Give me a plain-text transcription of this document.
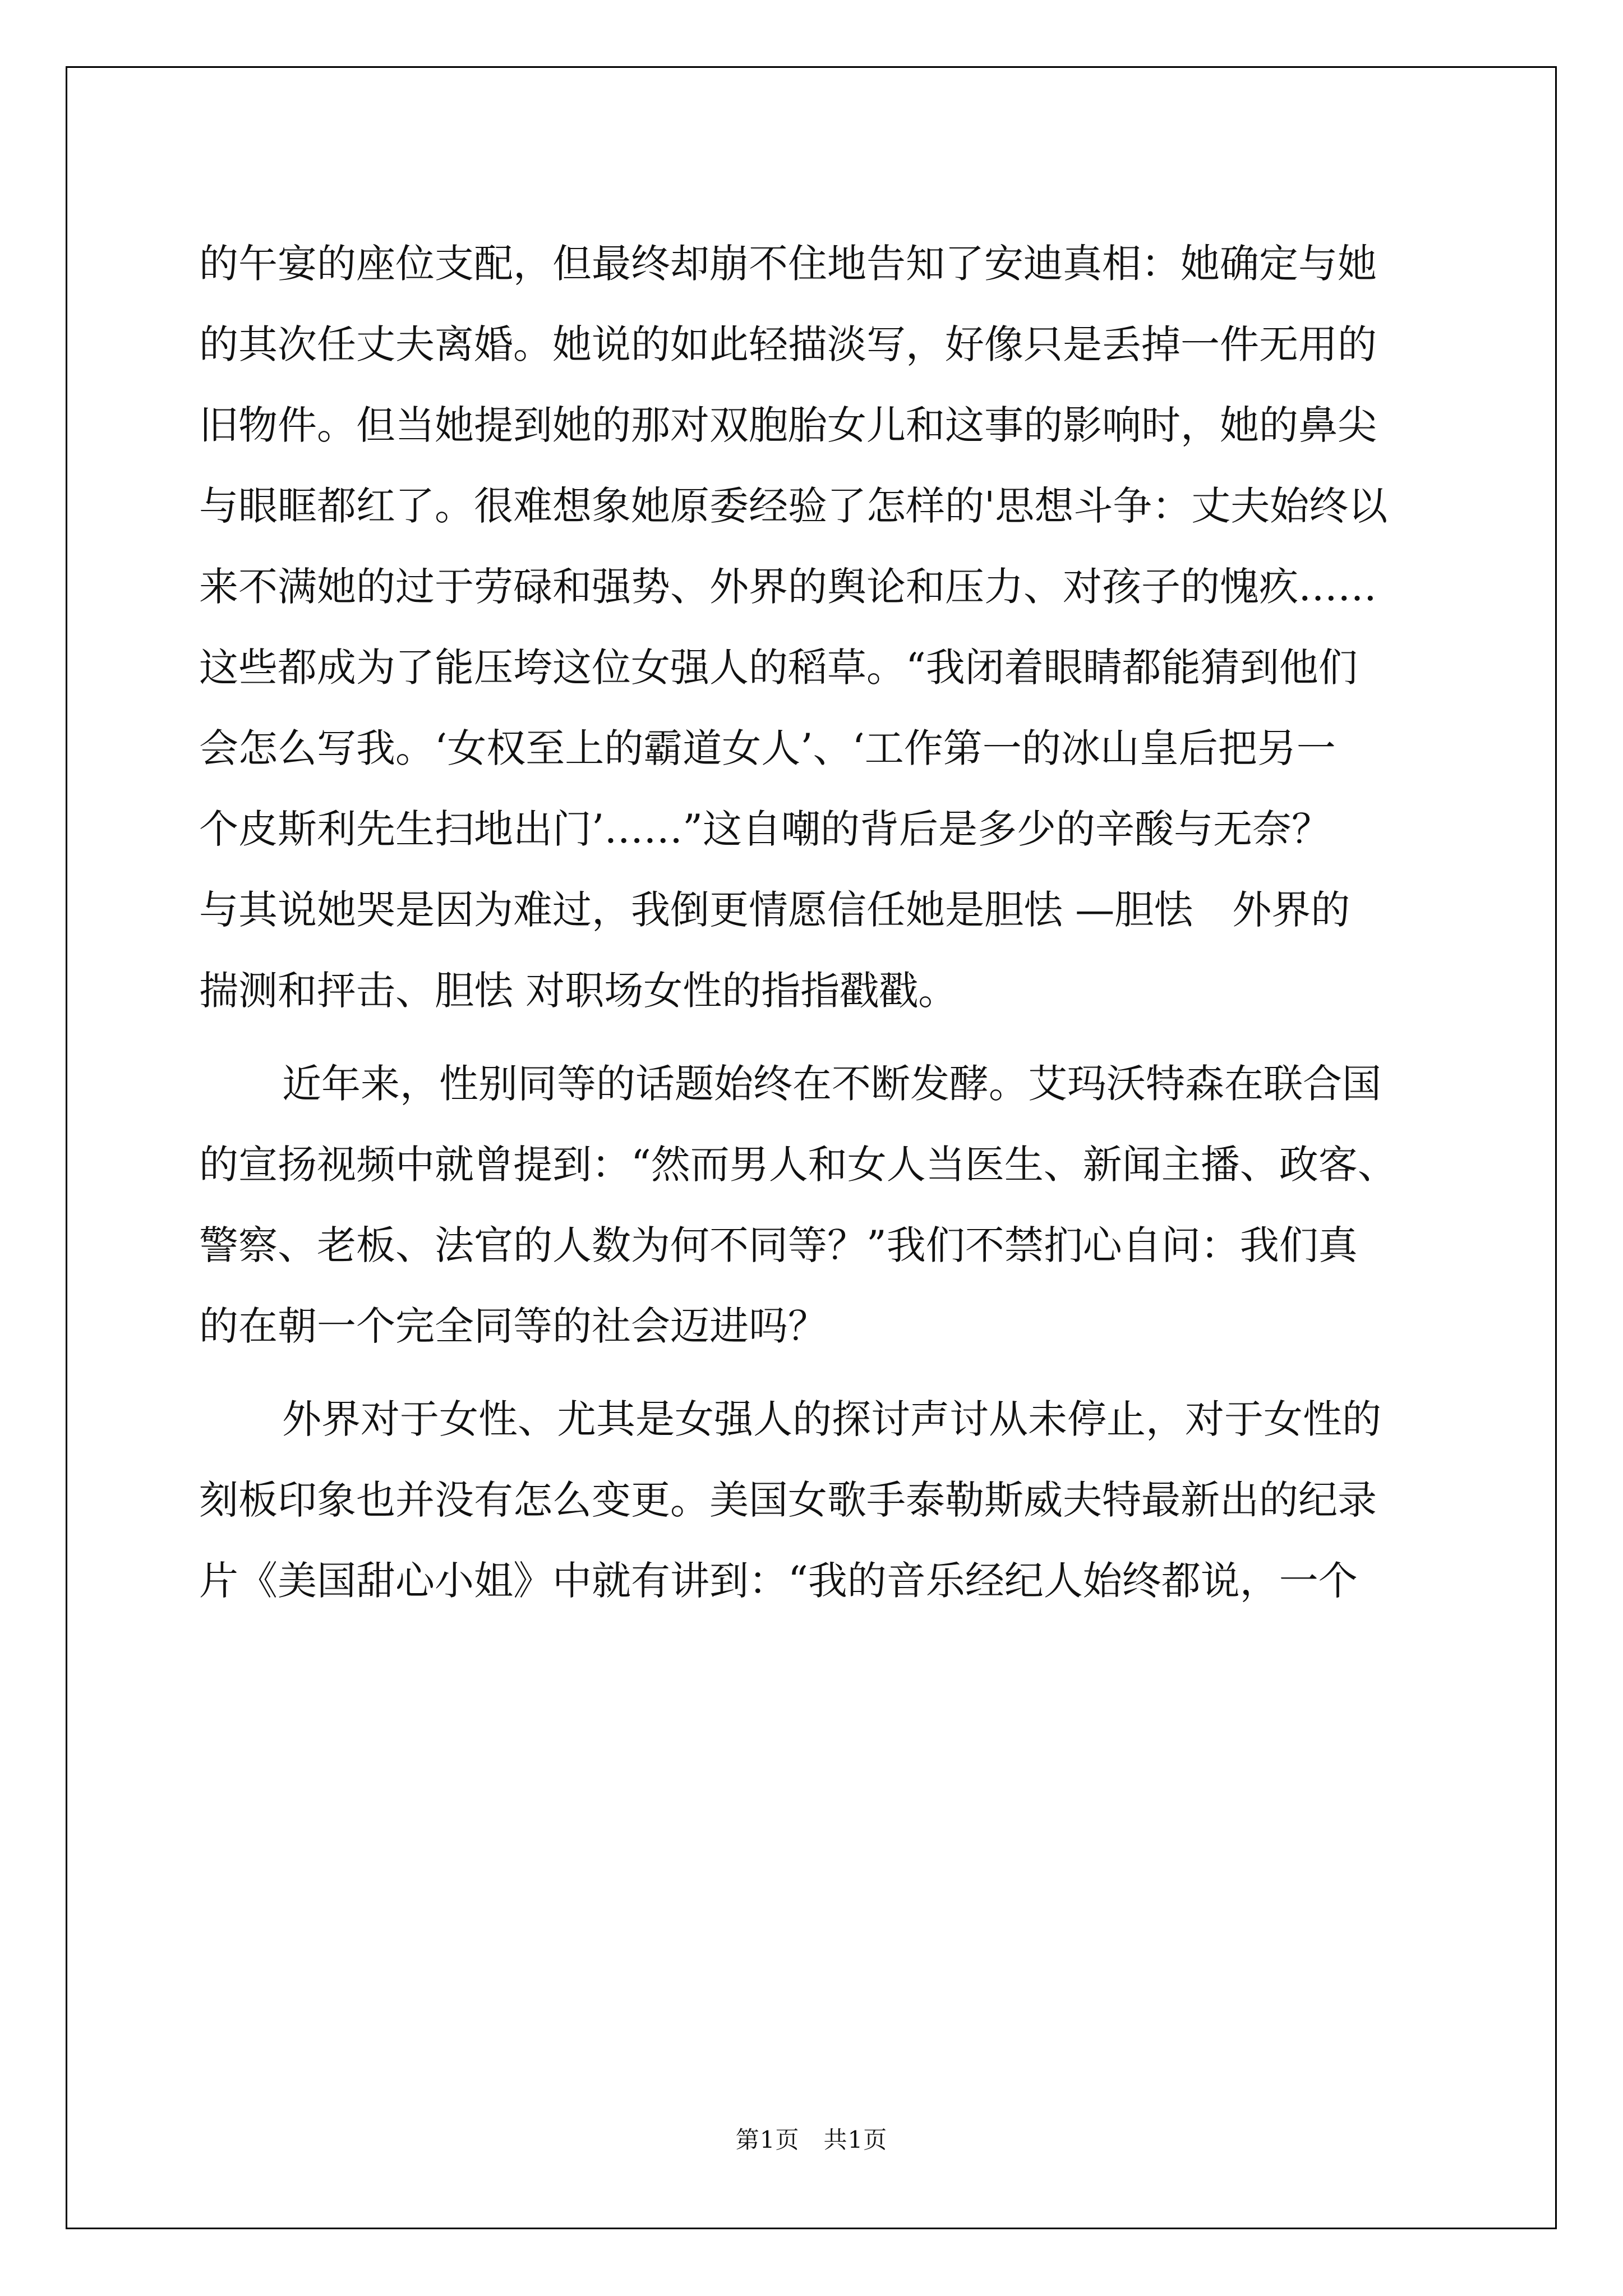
的午宴的座位支配，但最终却崩不住地告知了安迪真相：她确定与她
的其次任丈夫离婚。她说的如此轻描淡写，好像只是丢掉一件无用的
旧物件。但当她提到她的那对双胞胎女儿和这事的影响时，她的鼻尖
与眼眶都红了。很难想象她原委经验了怎样的'思想斗争：丈夫始终以
来不满她的过于劳碌和强势、外界的舆论和压力、对孩子的愧疚……
这些都成为了能压垮这位女强人的稻草。“我闭着眼睛都能猜到他们
会怎么写我。‘女权至上的霸道女人’、‘工作第一的冰山皇后把另一
个皮斯利先生扫地出门’……”这自嘲的背后是多少的辛酸与无奈？
与其说她哭是因为难过，我倒更情愿信任她是胆怯 —胆怯　外界的
揣测和抨击、胆怯 对职场女性的指指戳戳。
近年来，性别同等的话题始终在不断发酵。艾玛沃特森在联合国
的宣扬视频中就曾提到：“然而男人和女人当医生、新闻主播、政客、
警察、老板、法官的人数为何不同等？”我们不禁扪心自问：我们真
的在朝一个完全同等的社会迈进吗？
外界对于女性、尤其是女强人的探讨声讨从未停止，对于女性的
刻板印象也并没有怎么变更。美国女歌手泰勒斯威夫特最新出的纪录
片《美国甜心小姐》中就有讲到：“我的音乐经纪人始终都说，一个
第1页　共1页
